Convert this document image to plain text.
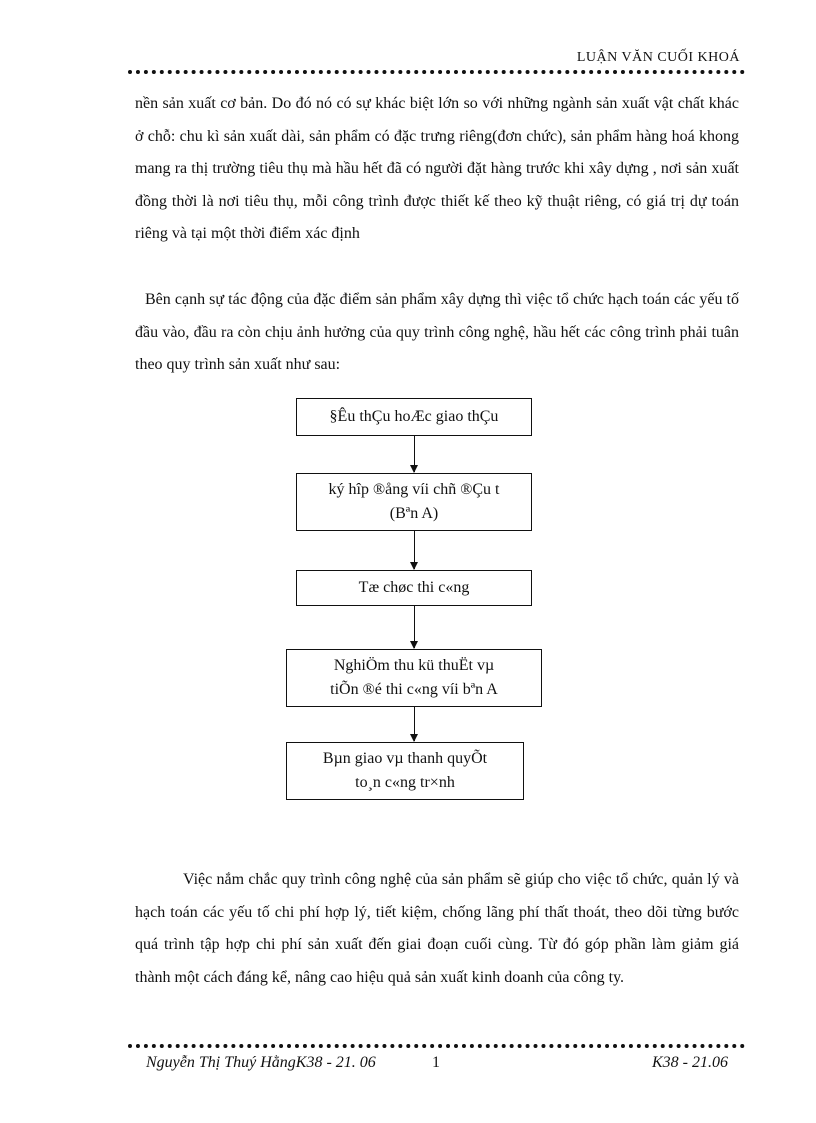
LUẬN VĂN CUỐI KHOÁ

nền sản xuất cơ bản. Do đó nó có sự khác biệt lớn so với những ngành sản xuất vật chất khác ở chỗ: chu kì sản xuất dài, sản phẩm có đặc trưng riêng(đơn chức), sản phẩm hàng hoá khong mang ra thị trường tiêu thụ mà hầu hết đã có người đặt hàng trước khi xây dựng , nơi sản xuất đồng thời là nơi tiêu thụ, mỗi công trình được thiết kế theo kỹ thuật riêng, có giá trị dự toán riêng và tại một thời điểm xác định

Bên cạnh sự tác động của đặc điểm sản phẩm xây dựng thì việc tổ chức hạch toán các yếu tố đầu vào, đầu ra còn chịu ảnh hưởng của quy trình công nghệ, hầu hết các công trình phải tuân theo quy trình sản xuất như sau:

§Êu thÇu hoÆc giao thÇu
ký hîp ®ång víi chñ ®Çu t
(Bªn A)
Tæ chøc thi c«ng
NghiÖm thu kü thuËt vµ
tiÕn ®é thi c«ng víi bªn A
Bµn giao vµ thanh quyÕt
to¸n c«ng tr×nh

Việc nắm chắc quy trình công nghệ của sản phẩm sẽ giúp cho việc tổ chức, quản lý và hạch toán các yếu tố chi phí hợp lý, tiết kiệm, chống lãng phí thất thoát, theo dõi từng bước quá trình tập hợp chi phí sản xuất đến giai đoạn cuối cùng. Từ đó góp phần làm giảm giá thành một cách đáng kể, nâng cao hiệu quả sản xuất kinh doanh của công ty.

Nguyễn Thị Thuý HằngK38 - 21. 06	1	K38 - 21.06
